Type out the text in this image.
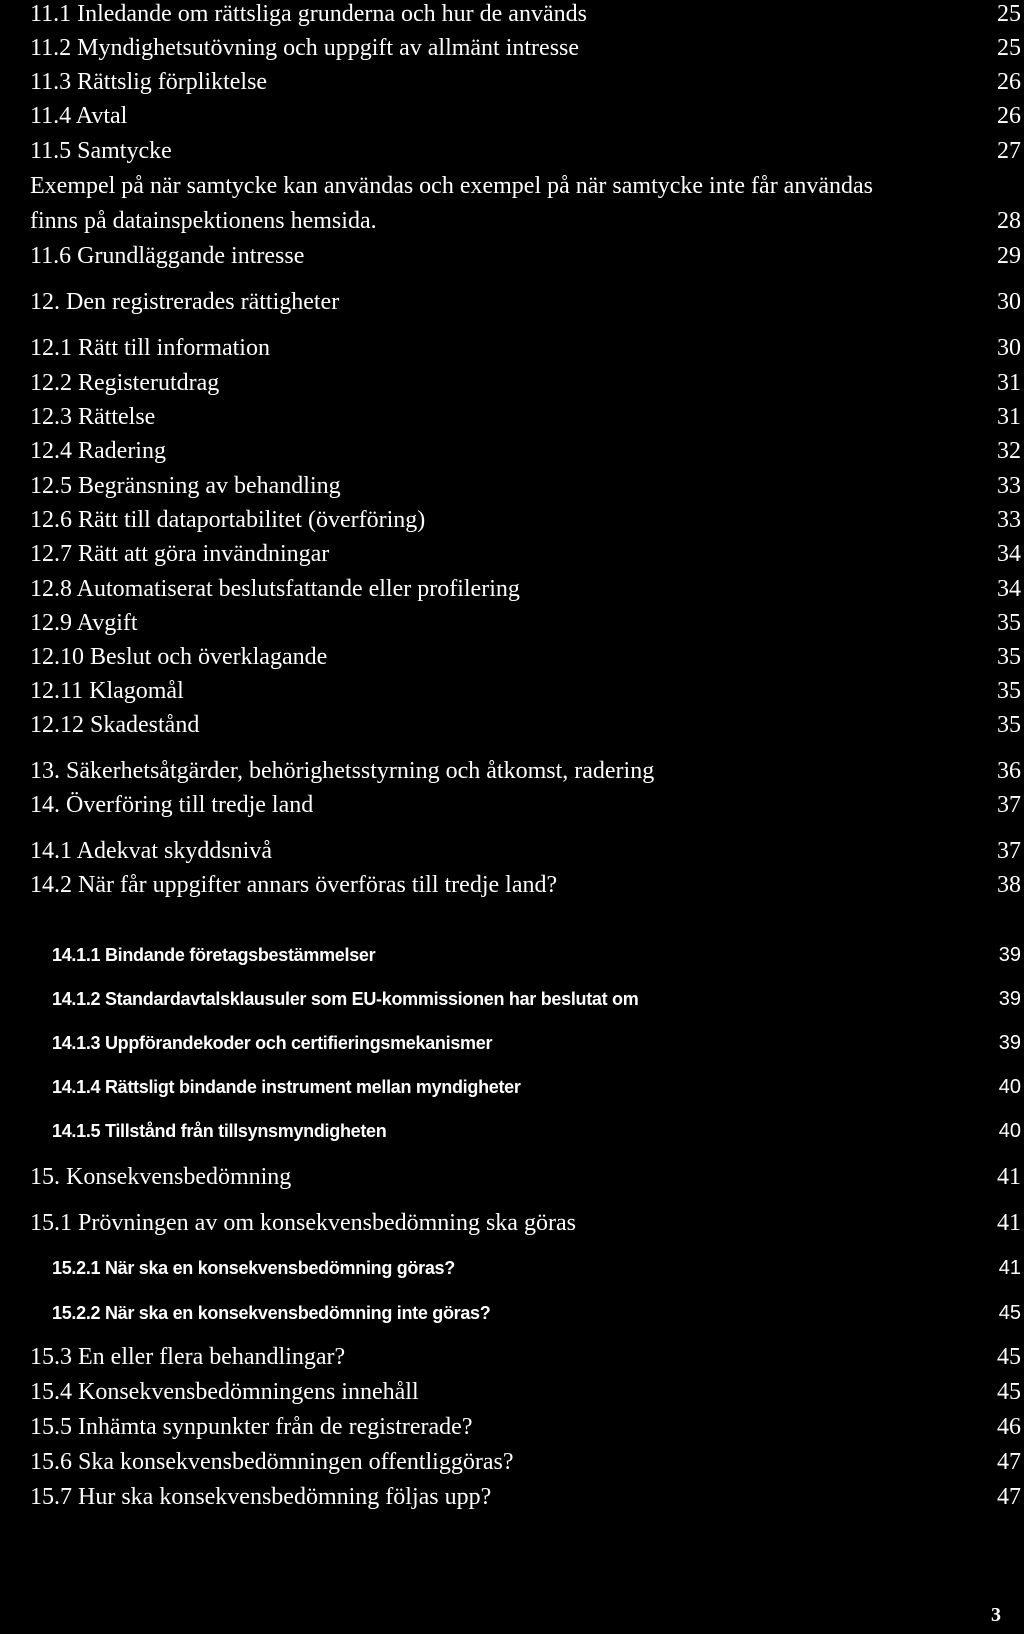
11.1 Inledande om rättsliga grunderna och hur de används	25
11.2 Myndighetsutövning och uppgift av allmänt intresse	25
11.3 Rättslig förpliktelse	26
11.4 Avtal	26
11.5 Samtycke	27
Exempel på när samtycke kan användas och exempel på när samtycke inte får användas
finns på datainspektionens hemsida.	28
11.6 Grundläggande intresse	29
12. Den registrerades rättigheter	30
12.1 Rätt till information	30
12.2 Registerutdrag	31
12.3 Rättelse	31
12.4 Radering	32
12.5 Begränsning av behandling	33
12.6 Rätt till dataportabilitet (överföring)	33
12.7 Rätt att göra invändningar	34
12.8 Automatiserat beslutsfattande eller profilering	34
12.9 Avgift	35
12.10 Beslut och överklagande	35
12.11 Klagomål	35
12.12 Skadestånd	35
13. Säkerhetsåtgärder, behörighetsstyrning och åtkomst, radering	36
14. Överföring till tredje land	37
14.1 Adekvat skyddsnivå	37
14.2 När får uppgifter annars överföras till tredje land?	38
14.1.1 Bindande företagsbestämmelser	39
14.1.2 Standardavtalsklausuler som EU-kommissionen har beslutat om	39
14.1.3 Uppförandekoder och certifieringsmekanismer	39
14.1.4 Rättsligt bindande instrument mellan myndigheter	40
14.1.5 Tillstånd från tillsynsmyndigheten	40
15. Konsekvensbedömning	41
15.1 Prövningen av om konsekvensbedömning ska göras	41
15.2.1 När ska en konsekvensbedömning göras?	41
15.2.2 När ska en konsekvensbedömning inte göras?	45
15.3 En eller flera behandlingar?	45
15.4 Konsekvensbedömningens innehåll	45
15.5 Inhämta synpunkter från de registrerade?	46
15.6 Ska konsekvensbedömningen offentliggöras?	47
15.7 Hur ska konsekvensbedömning följas upp?	47
3
